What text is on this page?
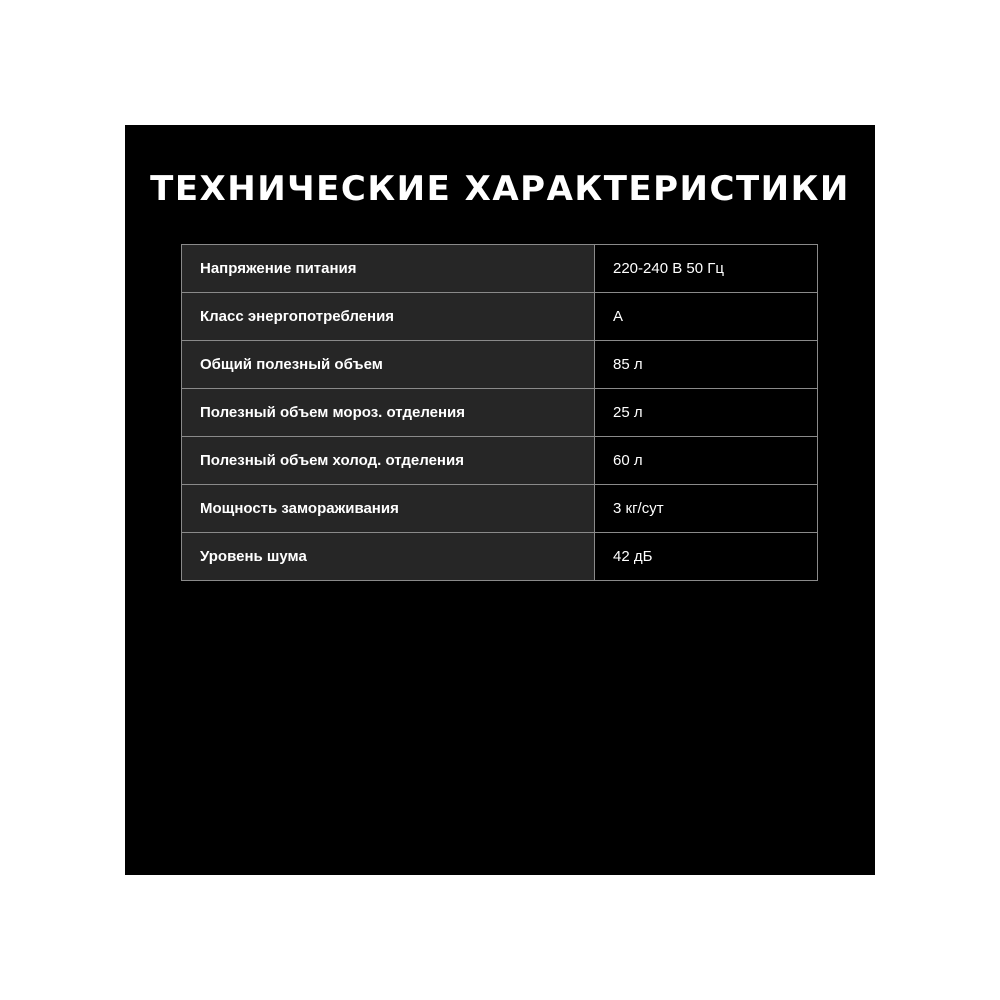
ТЕХНИЧЕСКИЕ ХАРАКТЕРИСТИКИ
Напряжение питания	220-240 В 50 Гц
Класс энергопотребления	A
Общий полезный объем	85 л
Полезный объем мороз. отделения	25 л
Полезный объем холод. отделения	60 л
Мощность замораживания	3 кг/сут
Уровень шума	42 дБ
